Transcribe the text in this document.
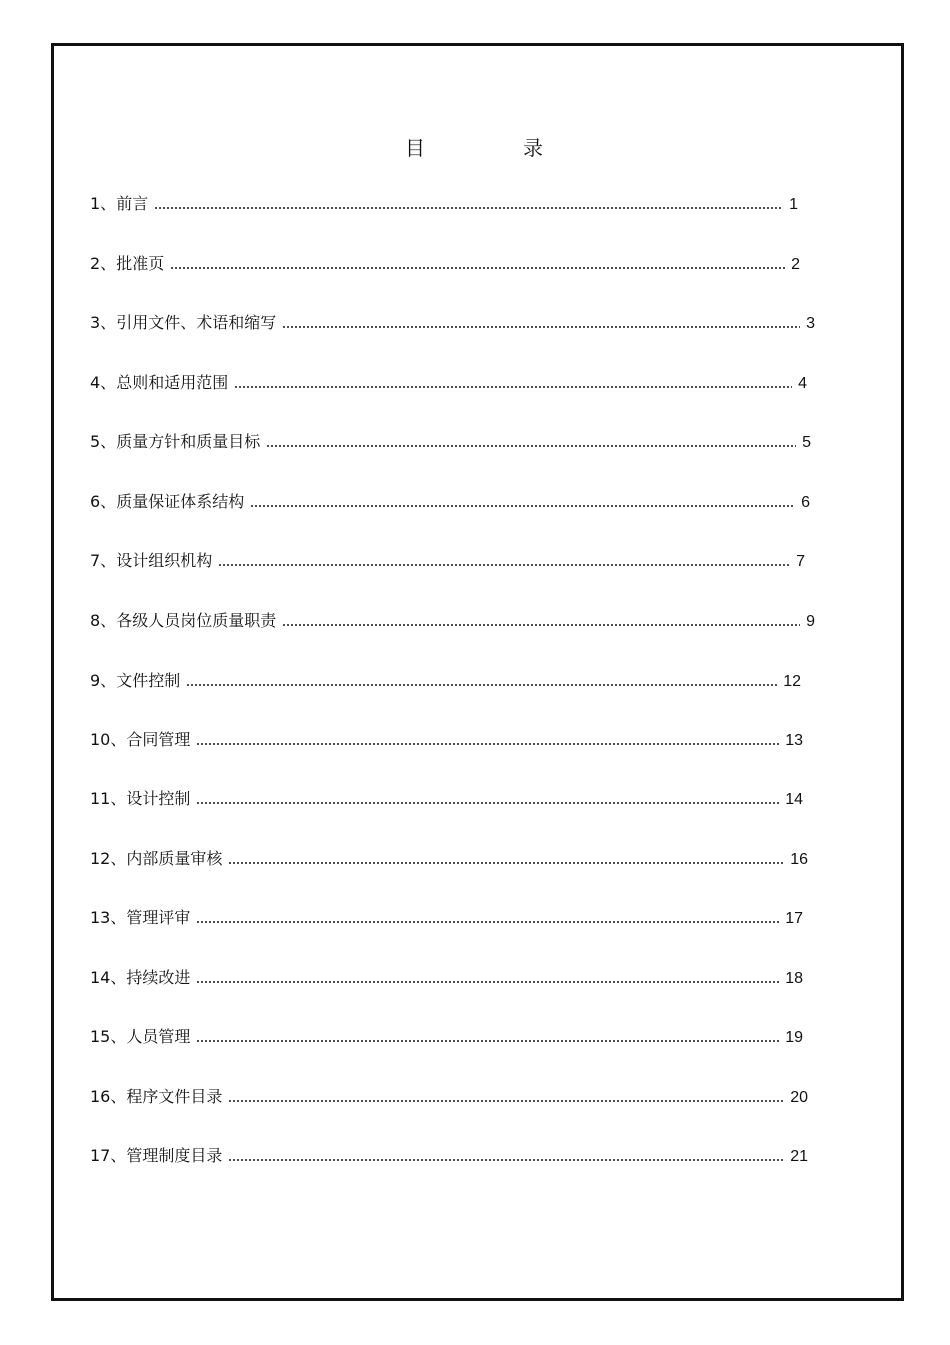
目	录
1、 前言	1
2、 批准页	2
3、 引用文件、术语和缩写	3
4、 总则和适用范围	4
5、 质量方针和质量目标	5
6、 质量保证体系结构	6
7、 设计组织机构	7
8、 各级人员岗位质量职责	9
9、 文件控制	12
10、 合同管理	13
11、 设计控制	14
12、 内部质量审核	16
13、 管理评审	17
14、 持续改进	18
15、 人员管理	19
16、 程序文件目录	20
17、 管理制度目录	21
